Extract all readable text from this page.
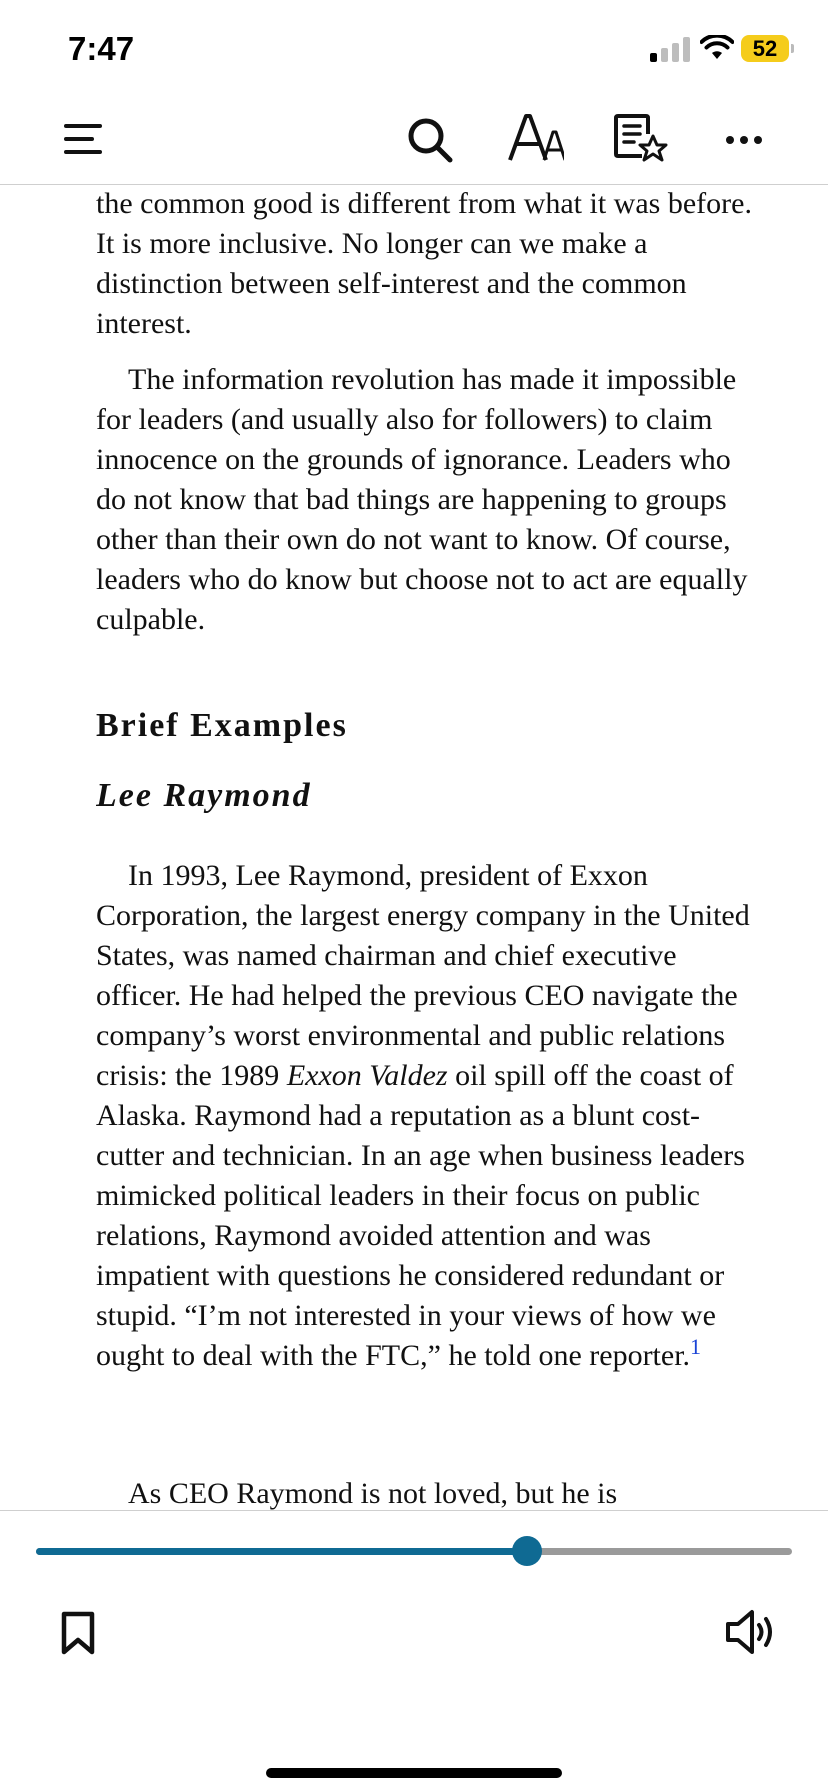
7:47	52

the common good is different from what it was before. It is more inclusive. No longer can we make a distinction between self-interest and the common interest.

The information revolution has made it impossible for leaders (and usually also for followers) to claim innocence on the grounds of ignorance. Leaders who do not know that bad things are happening to groups other than their own do not want to know. Of course, leaders who do know but choose not to act are equally culpable.

Brief Examples
Lee Raymond

In 1993, Lee Raymond, president of Exxon Corporation, the largest energy company in the United States, was named chairman and chief executive officer. He had helped the previous CEO navigate the company’s worst environmental and public relations crisis: the 1989 Exxon Valdez oil spill off the coast of Alaska. Raymond had a reputation as a blunt cost-cutter and technician. In an age when business leaders mimicked political leaders in their focus on public relations, Raymond avoided attention and was impatient with questions he considered redundant or stupid. “I’m not interested in your views of how we ought to deal with the FTC,” he told one reporter.$^1$

As CEO Raymond is not loved, but he is
